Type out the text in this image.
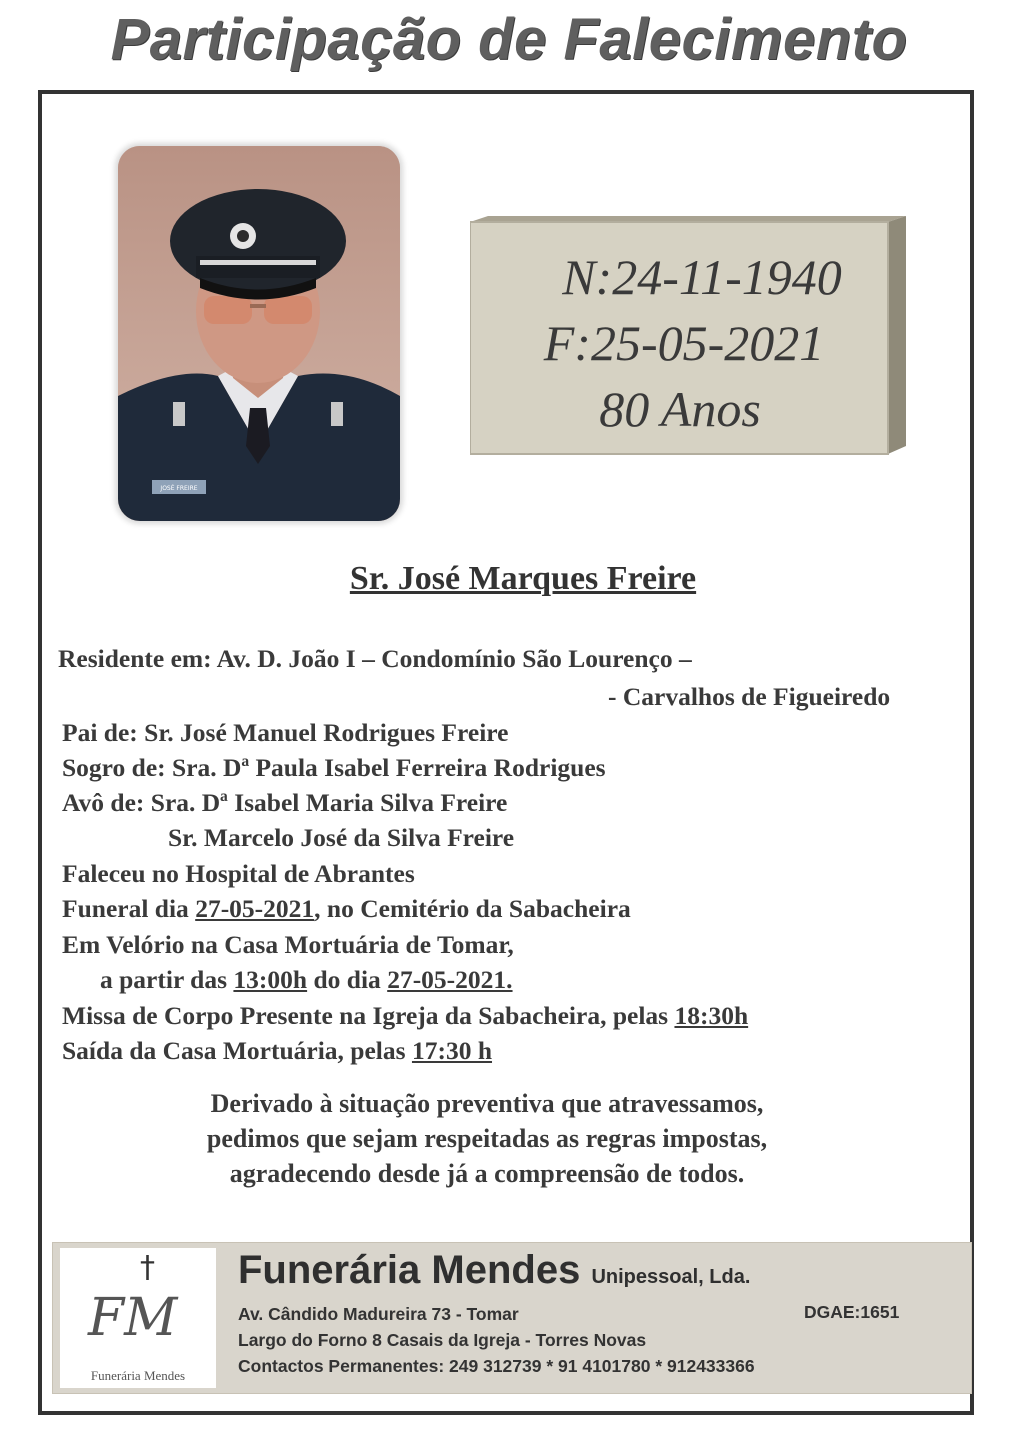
Participação de Falecimento
JOSÉ FREIRE
N:24-11-1940
F:25-05-2021
80 Anos
Sr. José Marques Freire
Residente em: Av. D. João I – Condomínio São Lourenço –
- Carvalhos de Figueiredo
Pai de: Sr. José Manuel Rodrigues Freire
Sogro de: Sra. Dª Paula Isabel Ferreira Rodrigues
Avô de: Sra. Dª Isabel Maria Silva Freire
Sr. Marcelo José da Silva Freire
Faleceu no Hospital de Abrantes
Funeral dia 27-05-2021, no Cemitério da Sabacheira
Em Velório na Casa Mortuária de Tomar,
a partir das 13:00h do dia 27-05-2021.
Missa de Corpo Presente na Igreja da Sabacheira, pelas 18:30h
Saída da Casa Mortuária, pelas 17:30 h
Derivado à situação preventiva que atravessamos,
pedimos que sejam respeitadas as regras impostas,
agradecendo desde já a compreensão de todos.
†
FM
Funerária Mendes
Funerária Mendes Unipessoal, Lda.
Av. Cândido Madureira 73 - Tomar	DGAE:1651
Largo do Forno 8 Casais da Igreja - Torres Novas
Contactos Permanentes: 249 312739 * 91 4101780 * 912433366
